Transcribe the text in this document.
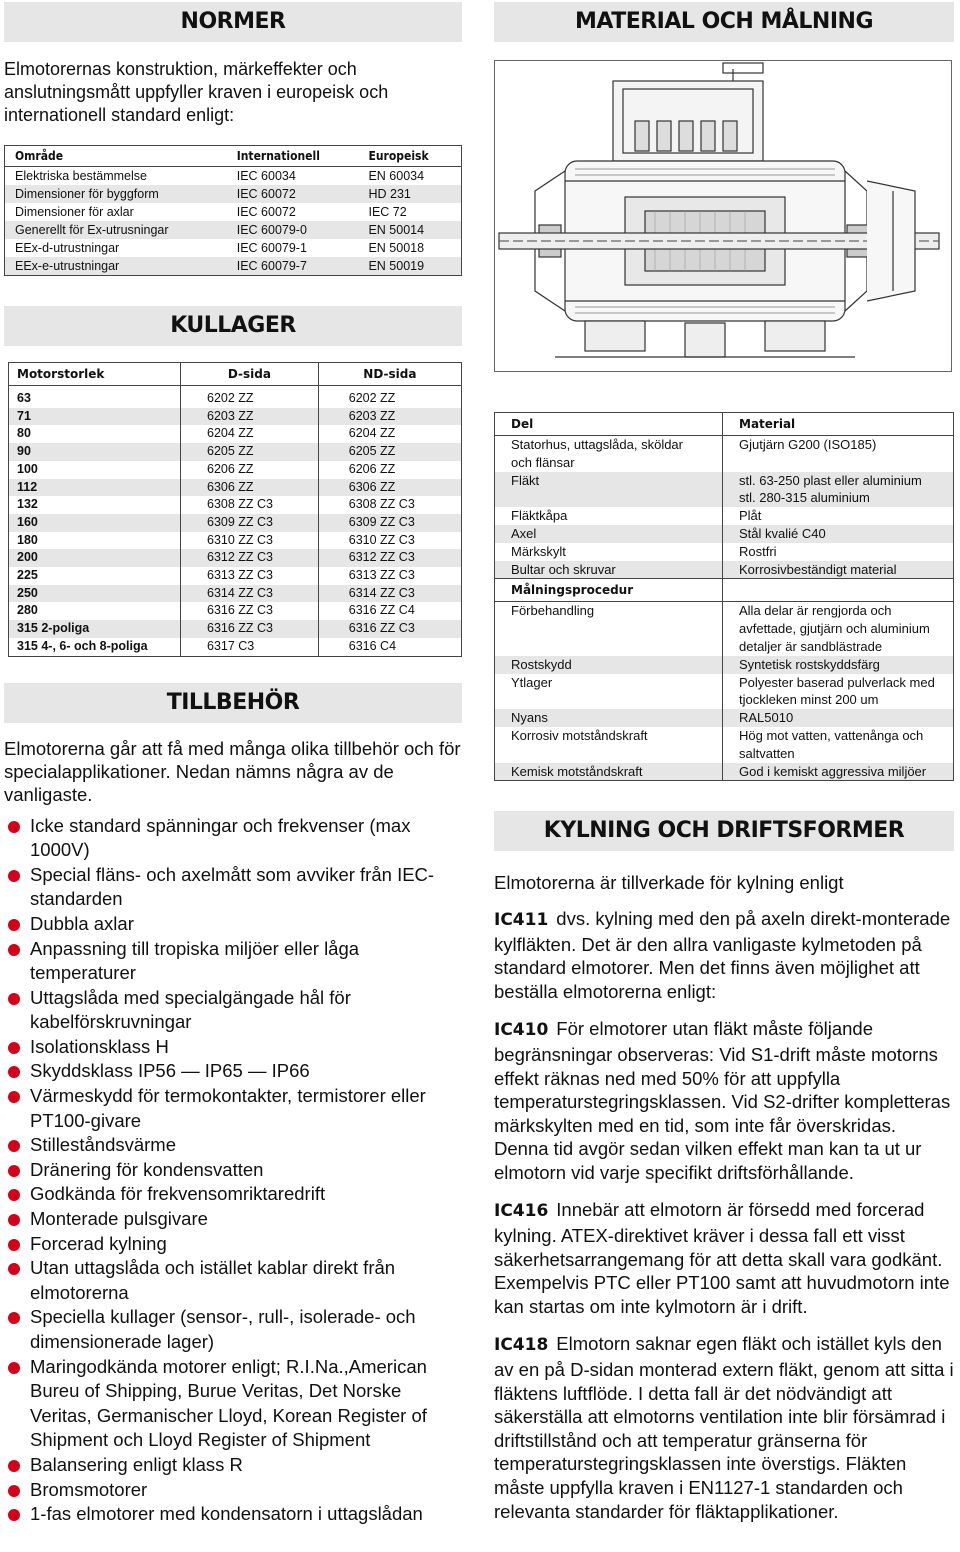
NORMER

Elmotorernas konstruktion, märkeffekter och anslutningsmått uppfyller kraven i europeisk och internationell standard enligt:

Område	Internationell	Europeisk
Elektriska bestämmelse	IEC 60034	EN 60034
Dimensioner för byggform	IEC 60072	HD 231
Dimensioner för axlar	IEC 60072	IEC 72
Generellt för Ex-utrusningar	IEC 60079-0	EN 50014
EEx-d-utrustningar	IEC 60079-1	EN 50018
EEx-e-utrustningar	IEC 60079-7	EN 50019
KULLAGER
Motorstorlek	D-sida	ND-sida
63	6202 ZZ	6202 ZZ
71	6203 ZZ	6203 ZZ
80	6204 ZZ	6204 ZZ
90	6205 ZZ	6205 ZZ
100	6206 ZZ	6206 ZZ
112	6306 ZZ	6306 ZZ
132	6308 ZZ C3	6308 ZZ C3
160	6309 ZZ C3	6309 ZZ C3
180	6310 ZZ C3	6310 ZZ C3
200	6312 ZZ C3	6312 ZZ C3
225	6313 ZZ C3	6313 ZZ C3
250	6314 ZZ C3	6314 ZZ C3
280	6316 ZZ C3	6316 ZZ C4
315 2-poliga	6316 ZZ C3	6316 ZZ C3
315 4-, 6- och 8-poliga	6317 C3	6316 C4
TILLBEHÖR

Elmotorerna går att få med många olika tillbehör och för specialapplikationer. Nedan nämns några av de vanligaste.

Icke standard spänningar och frekvenser (max 1000V)
Special fläns- och axelmått som avviker från IEC-standarden
Dubbla axlar
Anpassning till tropiska miljöer eller låga temperaturer
Uttagslåda med specialgängade hål för kabelförskruvningar
Isolationsklass H
Skyddsklass IP56 — IP65 — IP66
Värmeskydd för termokontakter, termistorer eller PT100-givare
Stilleståndsvärme
Dränering för kondensvatten
Godkända för frekvensomriktaredrift
Monterade pulsgivare
Forcerad kylning
Utan uttagslåda och istället kablar direkt från elmotorerna
Speciella kullager (sensor-, rull-, isolerade- och dimensionerade lager)
Maringodkända motorer enligt; R.I.Na.,American Bureu of Shipping, Burue Veritas, Det Norske Veritas, Germanischer Lloyd, Korean Register of Shipment och Lloyd Register of Shipment
Balansering enligt klass R
Bromsmotorer
1-fas elmotorer med kondensatorn i uttagslådan
MATERIAL OCH MÅLNING
Del	Material
Statorhus, uttagslåda, sköldar och flänsar	Gjutjärn G200 (ISO185)
Fläkt	stl. 63-250 plast eller aluminium stl. 280-315 aluminium
Fläktkåpa	Plåt
Axel	Stål kvalié C40
Märkskylt	Rostfri
Bultar och skruvar	Korrosivbeständigt material
Målningsprocedur	
Förbehandling	Alla delar är rengjorda och avfettade, gjutjärn och aluminium detaljer är sandblästrade
Rostskydd	Syntetisk rostskyddsfärg
Ytlager	Polyester baserad pulverlack med tjockleken minst 200 um
Nyans	RAL5010
Korrosiv motståndskraft	Hög mot vatten, vattenånga och saltvatten
Kemisk motståndskraft	God i kemiskt aggressiva miljöer
KYLNING OCH DRIFTSFORMER

Elmotorerna är tillverkade för kylning enligt

IC411 dvs. kylning med den på axeln direkt-monterade kylfläkten. Det är den allra vanligaste kylmetoden på standard elmotorer. Men det finns även möjlighet att beställa elmotorerna enligt:

IC410 För elmotorer utan fläkt måste följande begränsningar observeras: Vid S1-drift måste motorns effekt räknas ned med 50% för att uppfylla temperaturstegringsklassen. Vid S2-drifter kompletteras märkskylten med en tid, som inte får överskridas. Denna tid avgör sedan vilken effekt man kan ta ut ur elmotorn vid varje specifikt driftsförhållande.

IC416 Innebär att elmotorn är försedd med forcerad kylning. ATEX-direktivet kräver i dessa fall ett visst säkerhetsarrangemang för att detta skall vara godkänt. Exempelvis PTC eller PT100 samt att huvudmotorn inte kan startas om inte kylmotorn är i drift.

IC418 Elmotorn saknar egen fläkt och istället kyls den av en på D-sidan monterad extern fläkt, genom att sitta i fläktens luftflöde. I detta fall är det nödvändigt att säkerställa att elmotorns ventilation inte blir försämrad i driftstillstånd och att temperatur gränserna för temperaturstegringsklassen inte överstigs. Fläkten måste uppfylla kraven i EN1127-1 standarden och relevanta standarder för fläktapplikationer.
